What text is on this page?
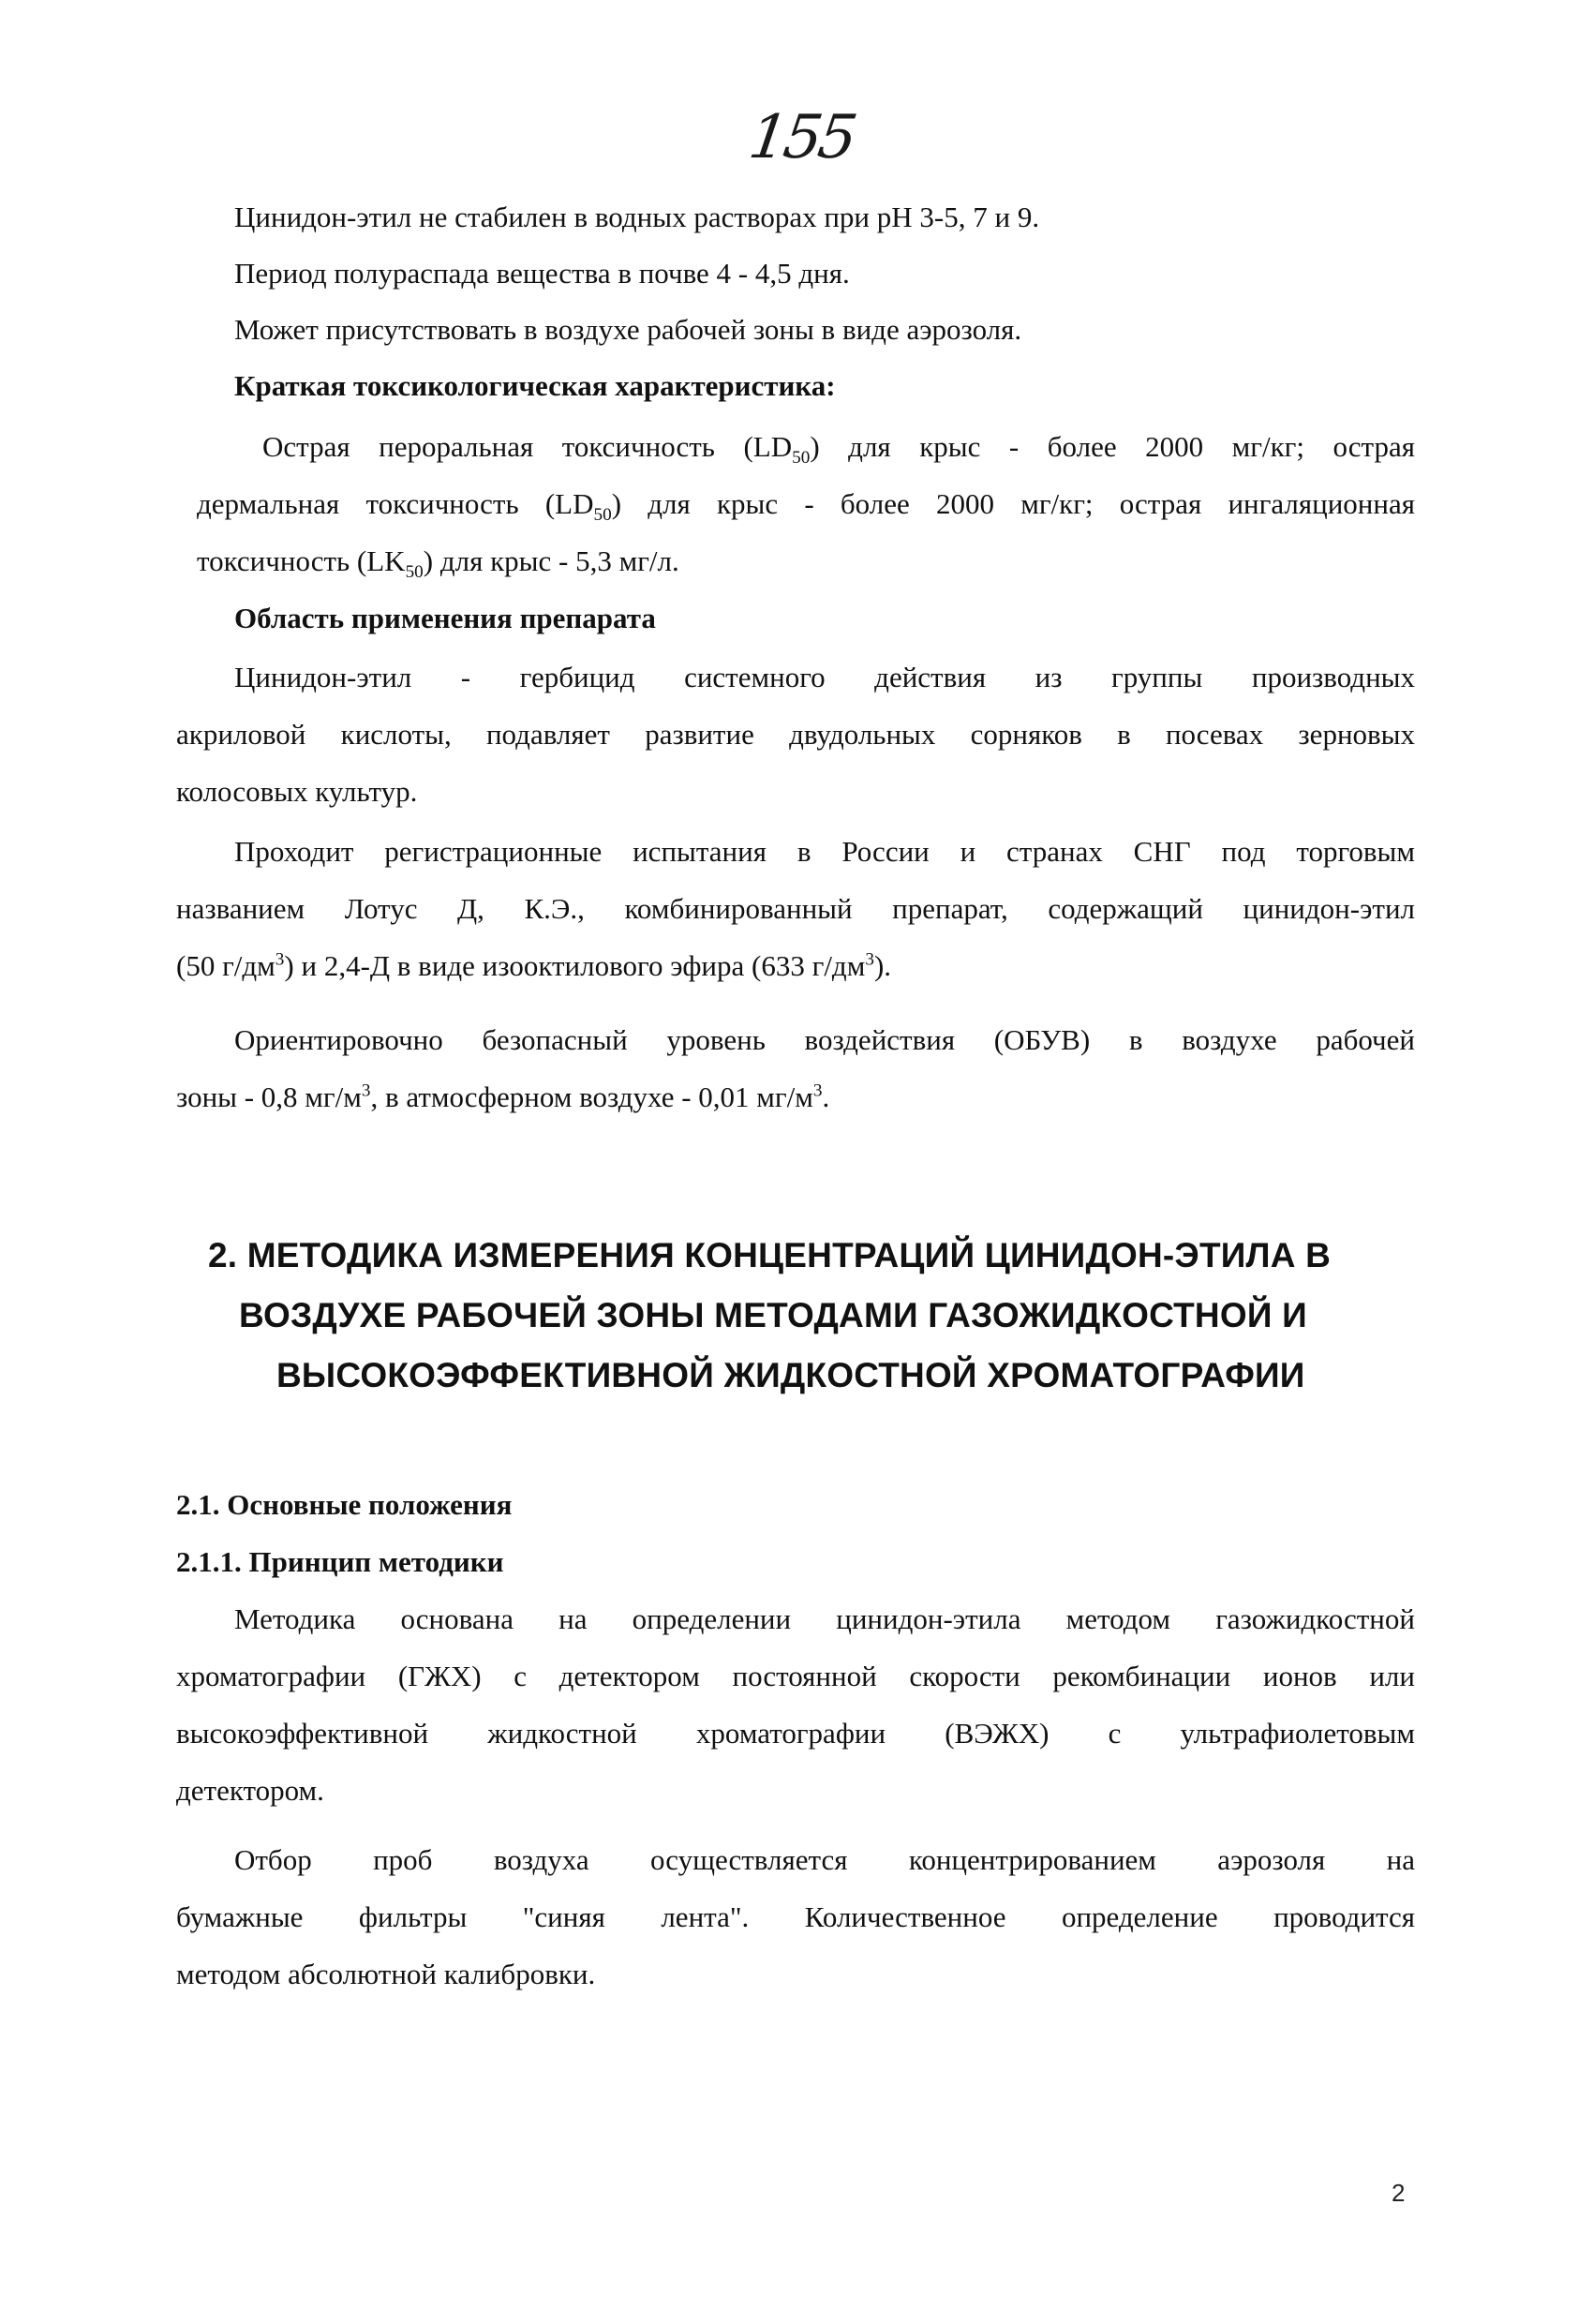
155
Цинидон-этил не стабилен в водных растворах при pH 3-5, 7 и 9.
Период полураспада вещества в почве 4 - 4,5 дня.
Может присутствовать в воздухе рабочей зоны в виде аэрозоля.
Краткая токсикологическая характеристика:
Острая пероральная токсичность $(LD_{50})$ для крыс - более 2000 мг/кг; острая
дермальная токсичность $(LD_{50})$ для крыс - более 2000 мг/кг; острая ингаляционная
токсичность $(LK_{50})$ для крыс - 5,3 мг/л.
Область применения препарата
Цинидон-этил - гербицид системного действия из группы производных
акриловой кислоты, подавляет развитие двудольных сорняков в посевах зерновых
колосовых культур.
Проходит регистрационные испытания в России и странах СНГ под торговым
названием Лотус Д, К.Э., комбинированный препарат, содержащий цинидон-этил
(50 $г/дм^3$) и 2,4-Д в виде изооктилового эфира (633 $г/дм^3$).
Ориентировочно безопасный уровень воздействия (ОБУВ) в воздухе рабочей
зоны - 0,8 $мг/м^3$, в атмосферном воздухе - 0,01 $мг/м^3$.
2. МЕТОДИКА ИЗМЕРЕНИЯ КОНЦЕНТРАЦИЙ ЦИНИДОН-ЭТИЛА В
ВОЗДУХЕ РАБОЧЕЙ ЗОНЫ МЕТОДАМИ ГАЗОЖИДКОСТНОЙ И
ВЫСОКОЭФФЕКТИВНОЙ ЖИДКОСТНОЙ ХРОМАТОГРАФИИ
2.1. Основные положения
2.1.1. Принцип методики
Методика основана на определении цинидон-этила методом газожидкостной
хроматографии (ГЖХ) с детектором постоянной скорости рекомбинации ионов или
высокоэффективной жидкостной хроматографии (ВЭЖХ) с ультрафиолетовым
детектором.
Отбор проб воздуха осуществляется концентрированием аэрозоля на
бумажные фильтры "синяя лента". Количественное определение проводится
методом абсолютной калибровки.
2
